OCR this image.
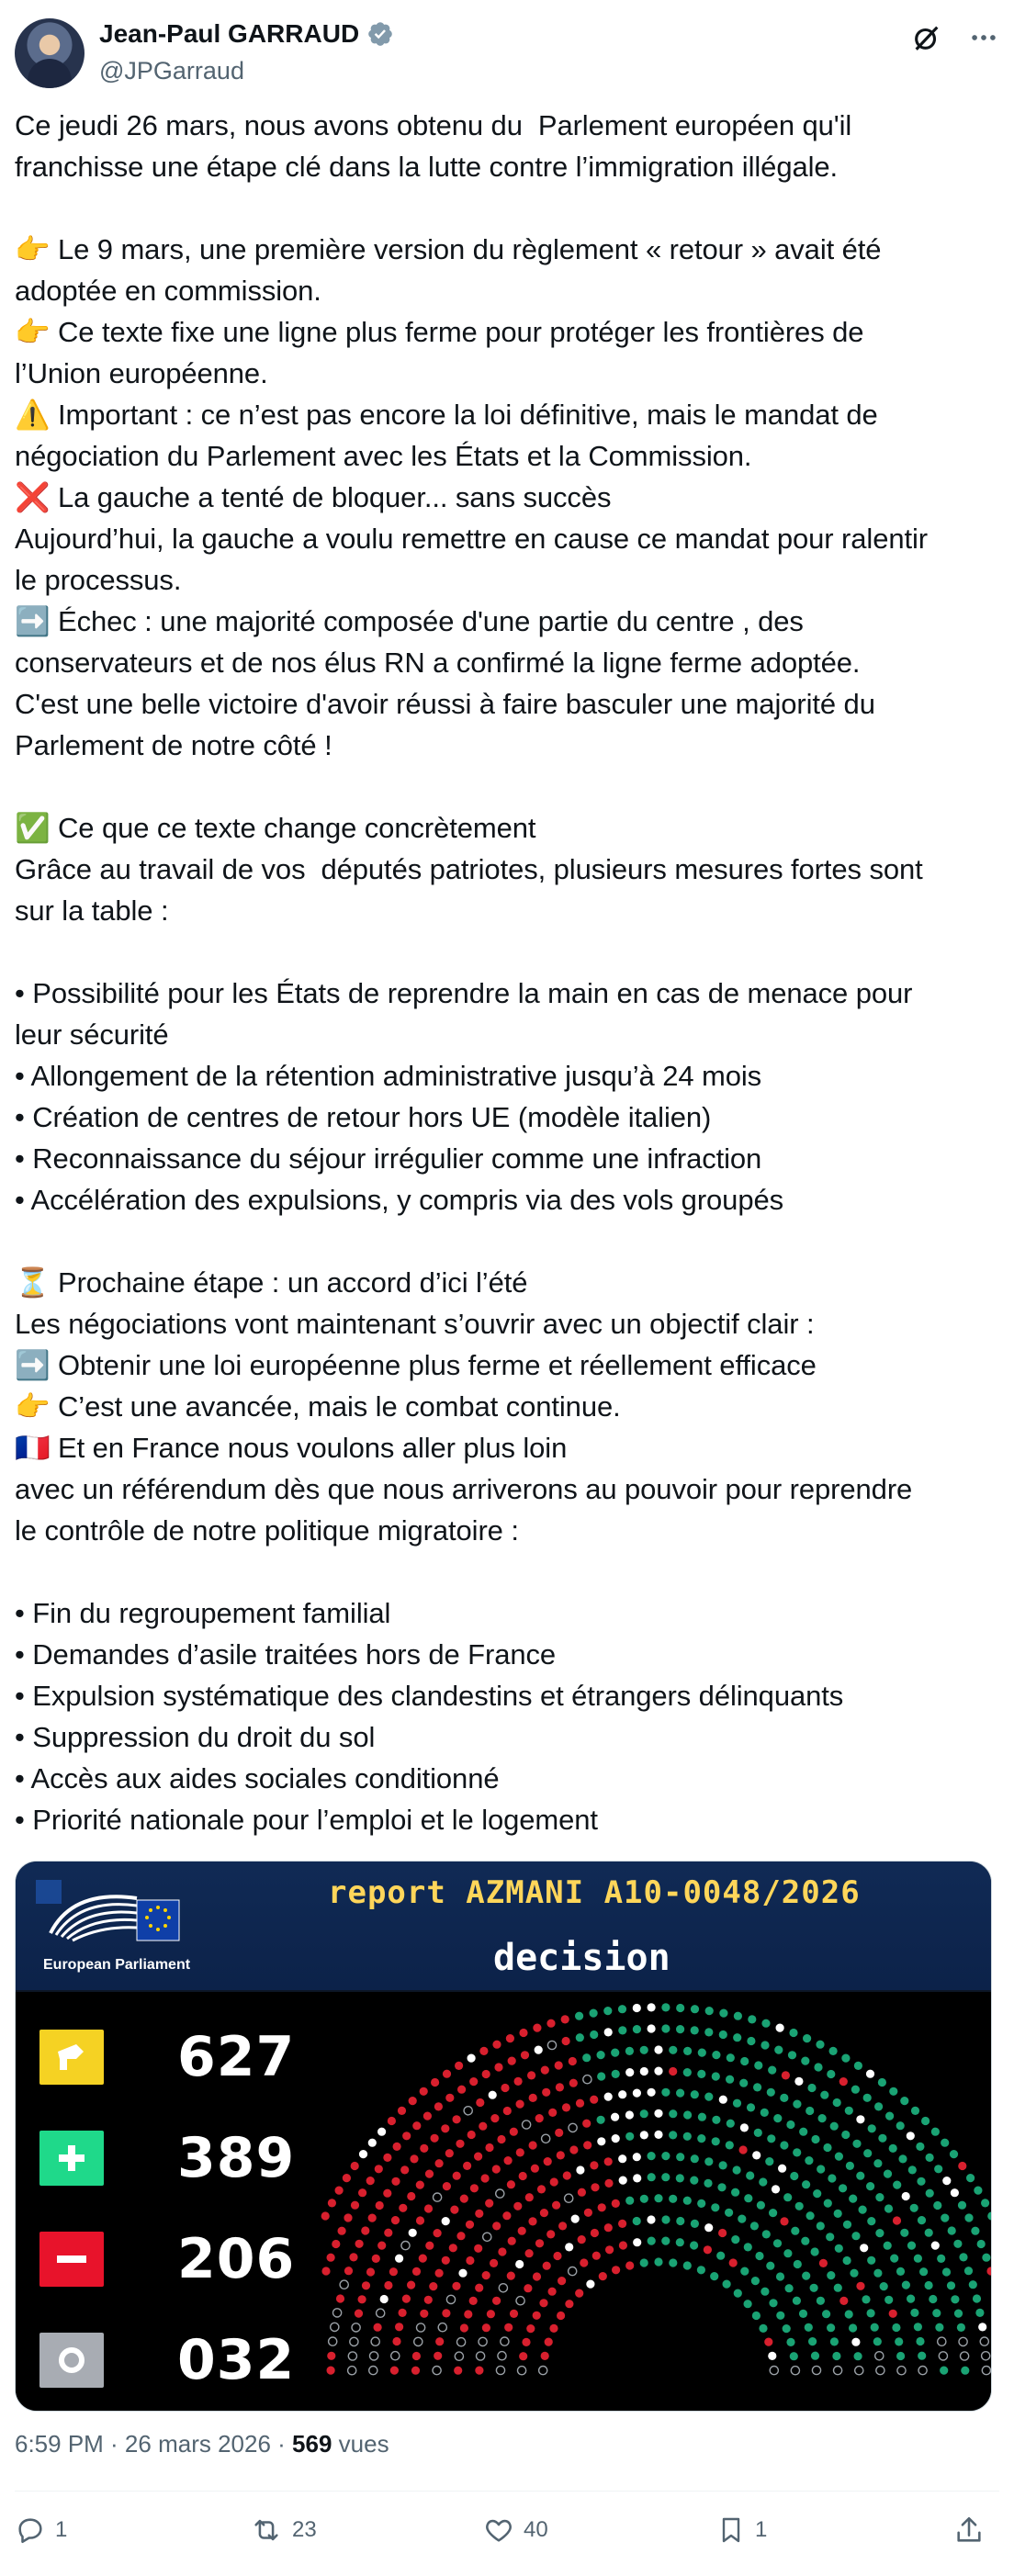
Jean-Paul GARRAUD
@JPGarraud
Ce jeudi 26 mars, nous avons obtenu du  Parlement européen qu'il
franchisse une étape clé dans la lutte contre l’immigration illégale.
👉 Le 9 mars, une première version du règlement « retour » avait été
adoptée en commission.
👉 Ce texte fixe une ligne plus ferme pour protéger les frontières de
l’Union européenne.
⚠️ Important : ce n’est pas encore la loi définitive, mais le mandat de
négociation du Parlement avec les États et la Commission.
❌ La gauche a tenté de bloquer... sans succès
Aujourd’hui, la gauche a voulu remettre en cause ce mandat pour ralentir
le processus.
➡️ Échec : une majorité composée d'une partie du centre , des
conservateurs et de nos élus RN a confirmé la ligne ferme adoptée.
C'est une belle victoire d'avoir réussi à faire basculer une majorité du
Parlement de notre côté !
✅ Ce que ce texte change concrètement
Grâce au travail de vos  députés patriotes, plusieurs mesures fortes sont
sur la table :
• Possibilité pour les États de reprendre la main en cas de menace pour
leur sécurité
• Allongement de la rétention administrative jusqu’à 24 mois
• Création de centres de retour hors UE (modèle italien)
• Reconnaissance du séjour irrégulier comme une infraction
• Accélération des expulsions, y compris via des vols groupés
⏳ Prochaine étape : un accord d’ici l’été
Les négociations vont maintenant s’ouvrir avec un objectif clair :
➡️ Obtenir une loi européenne plus ferme et réellement efficace
👉 C’est une avancée, mais le combat continue.
🇫🇷 Et en France nous voulons aller plus loin
avec un référendum dès que nous arriverons au pouvoir pour reprendre
le contrôle de notre politique migratoire :
• Fin du regroupement familial
• Demandes d’asile traitées hors de France
• Expulsion systématique des clandestins et étrangers délinquants
• Suppression du droit du sol
• Accès aux aides sociales conditionné
• Priorité nationale pour l’emploi et le logement
European Parliament
report AZMANI A10-0048/2026
decision
627
389
206
032
6:59 PM · 26 mars 2026 · 569 vues
1	23	40	1
